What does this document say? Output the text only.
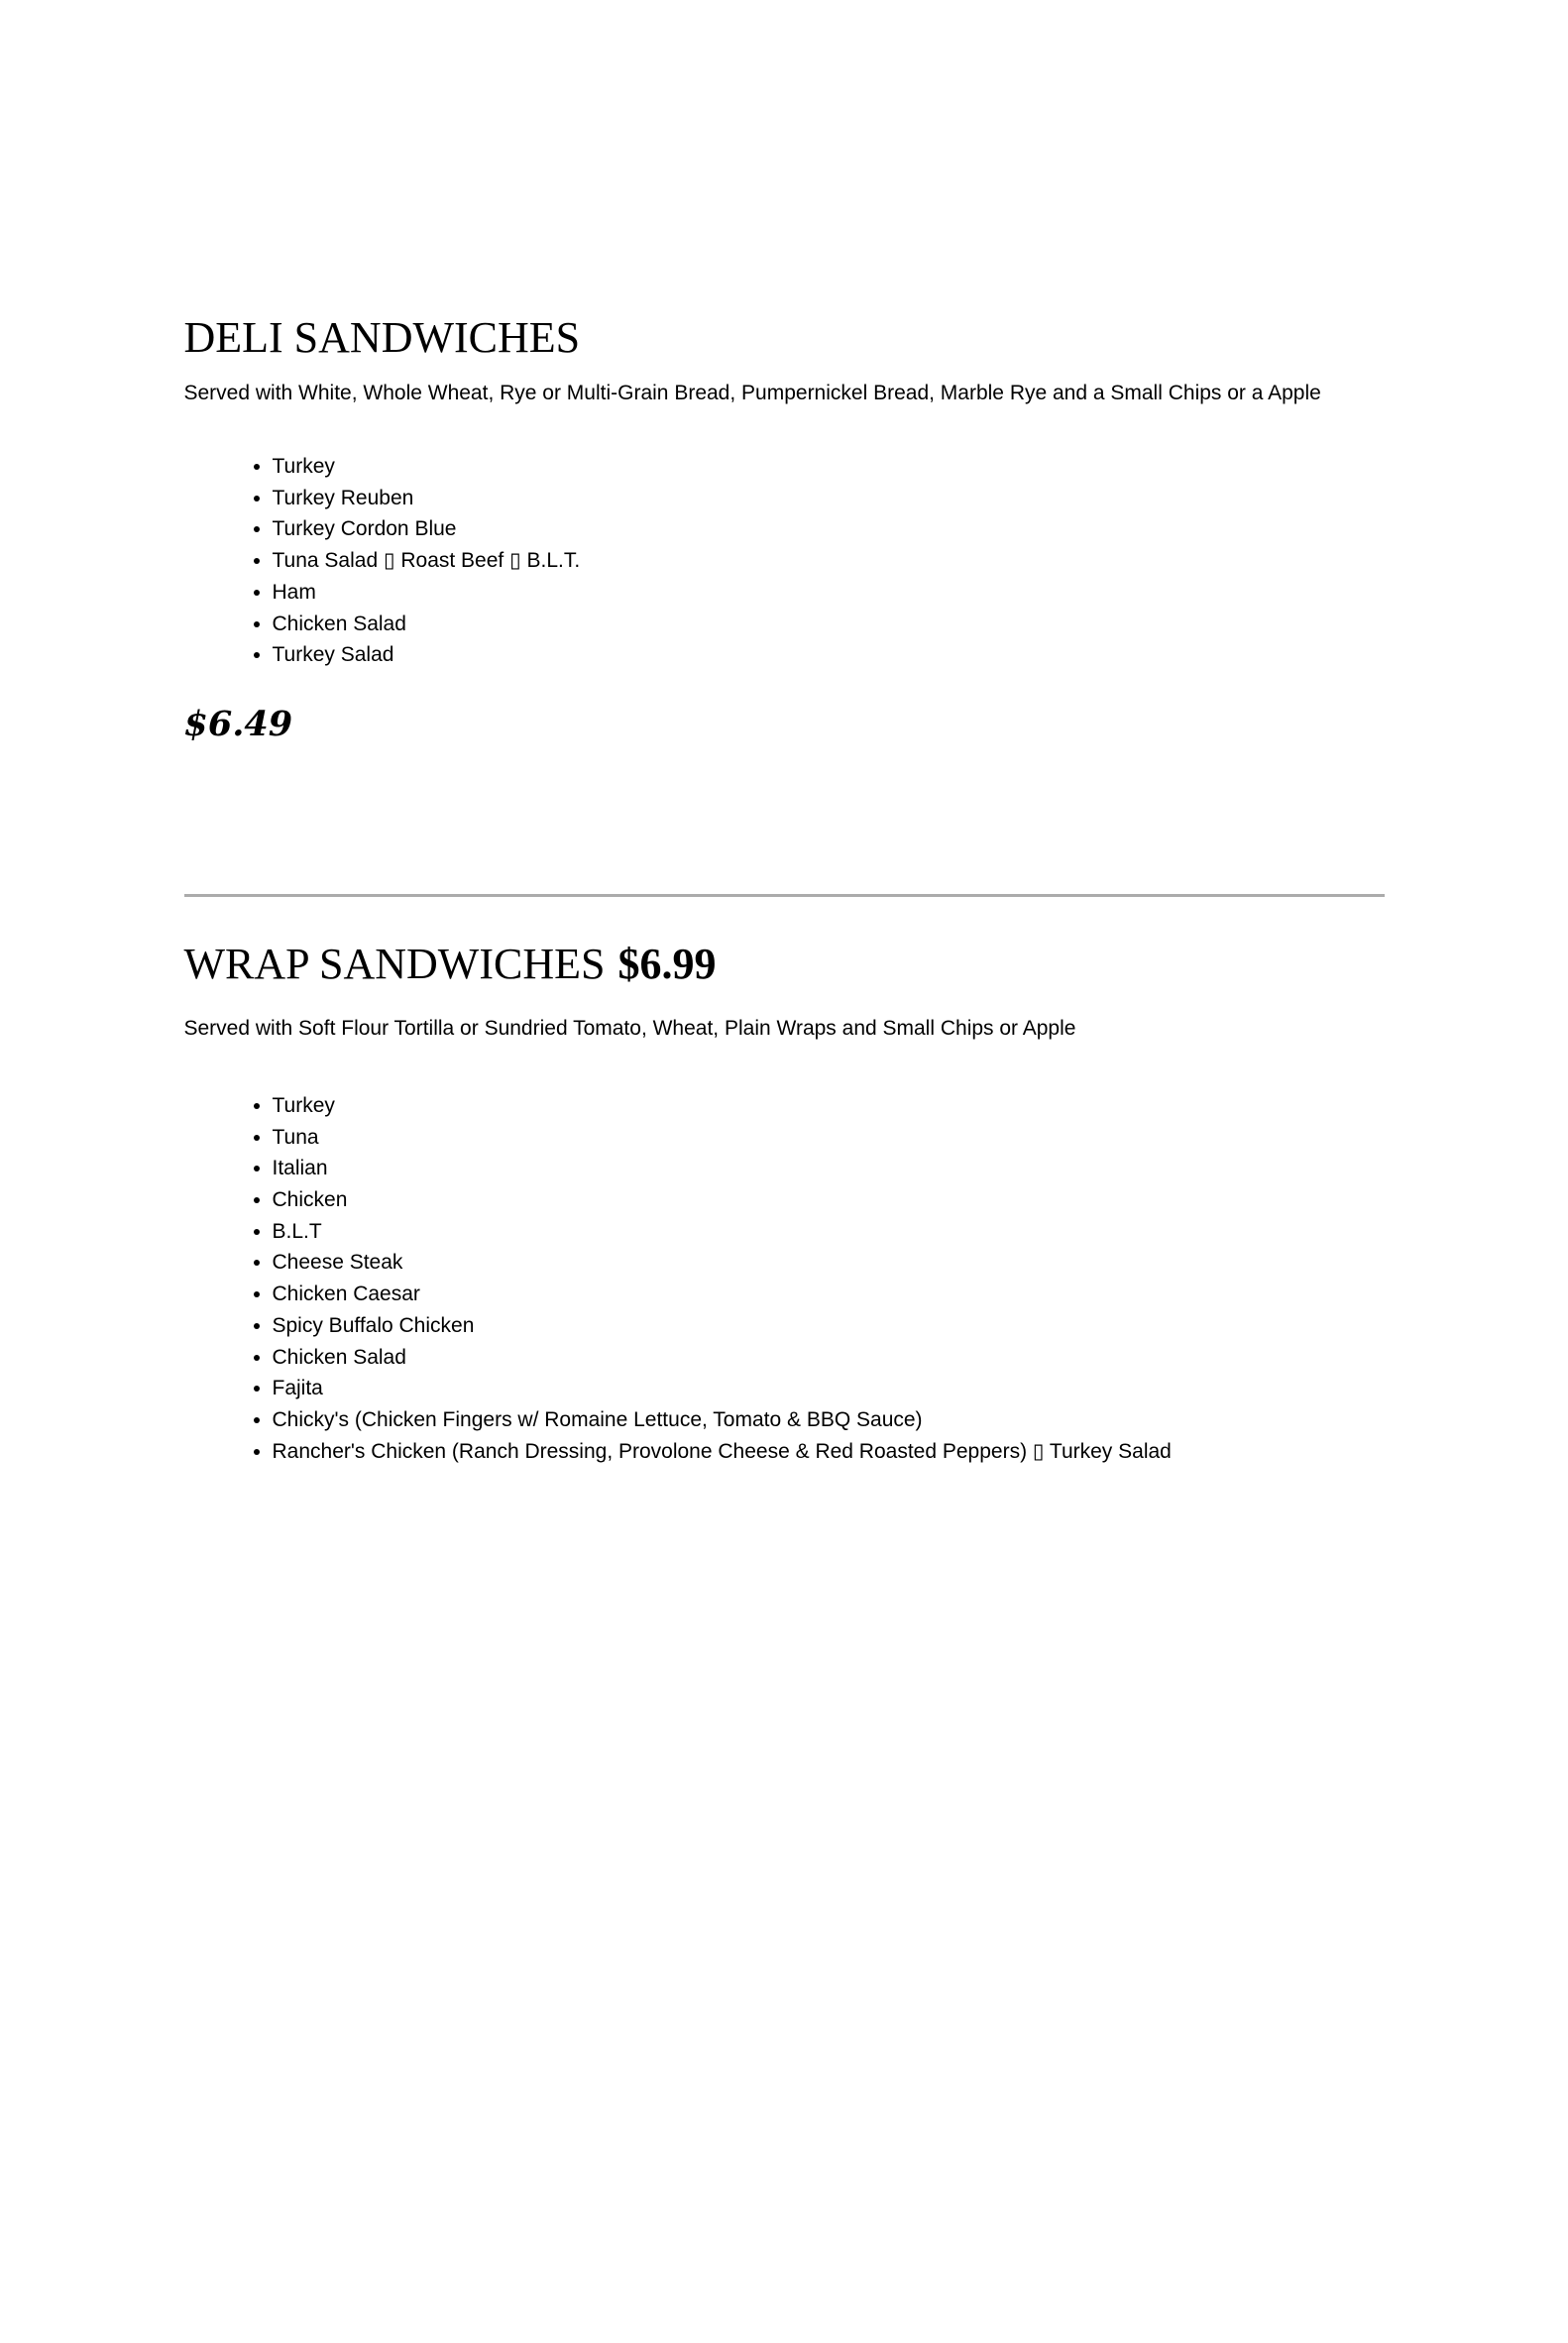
DELI SANDWICHES

Served with White, Whole Wheat, Rye or Multi-Grain Bread, Pumpernickel Bread, Marble Rye and a Small Chips or a Apple

• Turkey
• Turkey Reuben
• Turkey Cordon Blue
• Tuna Salad ▯ Roast Beef ▯ B.L.T.
• Ham
• Chicken Salad
• Turkey Salad

$6.49

WRAP SANDWICHES $6.99

Served with Soft Flour Tortilla or Sundried Tomato, Wheat, Plain Wraps and Small Chips or Apple

• Turkey
• Tuna
• Italian
• Chicken
• B.L.T
• Cheese Steak
• Chicken Caesar
• Spicy Buffalo Chicken
• Chicken Salad
• Fajita
• Chicky's (Chicken Fingers w/ Romaine Lettuce, Tomato & BBQ Sauce)
• Rancher's Chicken (Ranch Dressing, Provolone Cheese & Red Roasted Peppers) ▯ Turkey Salad
